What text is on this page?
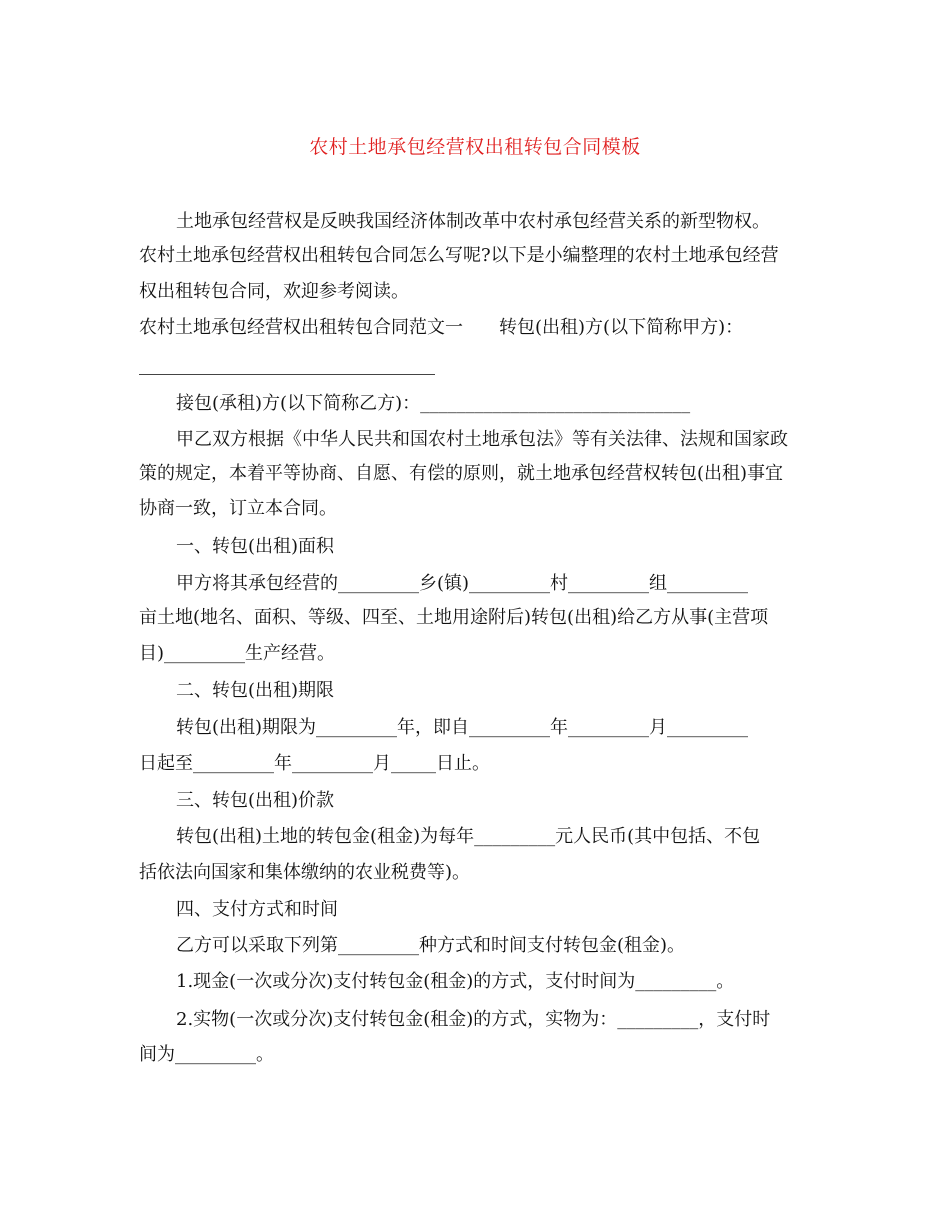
农村土地承包经营权出租转包合同模板
土地承包经营权是反映我国经济体制改革中农村承包经营关系的新型物权。
农村土地承包经营权出租转包合同怎么写呢?以下是小编整理的农村土地承包经营
权出租转包合同，欢迎参考阅读。
农村土地承包经营权出租转包合同范文一　　转包(出租)方(以下简称甲方)：
接包(承租)方(以下简称乙方)：______________________________
甲乙双方根据《中华人民共和国农村土地承包法》等有关法律、法规和国家政
策的规定，本着平等协商、自愿、有偿的原则，就土地承包经营权转包(出租)事宜
协商一致，订立本合同。
一、转包(出租)面积
甲方将其承包经营的_________乡(镇)_________村_________组_________
亩土地(地名、面积、等级、四至、土地用途附后)转包(出租)给乙方从事(主营项
目)_________生产经营。
二、转包(出租)期限
转包(出租)期限为_________年，即自_________年_________月_________
日起至_________年_________月_____日止。
三、转包(出租)价款
转包(出租)土地的转包金(租金)为每年_________元人民币(其中包括、不包
括依法向国家和集体缴纳的农业税费等)。
四、支付方式和时间
乙方可以采取下列第_________种方式和时间支付转包金(租金)。
1.现金(一次或分次)支付转包金(租金)的方式，支付时间为_________。
2.实物(一次或分次)支付转包金(租金)的方式，实物为：_________，支付时
间为_________。
